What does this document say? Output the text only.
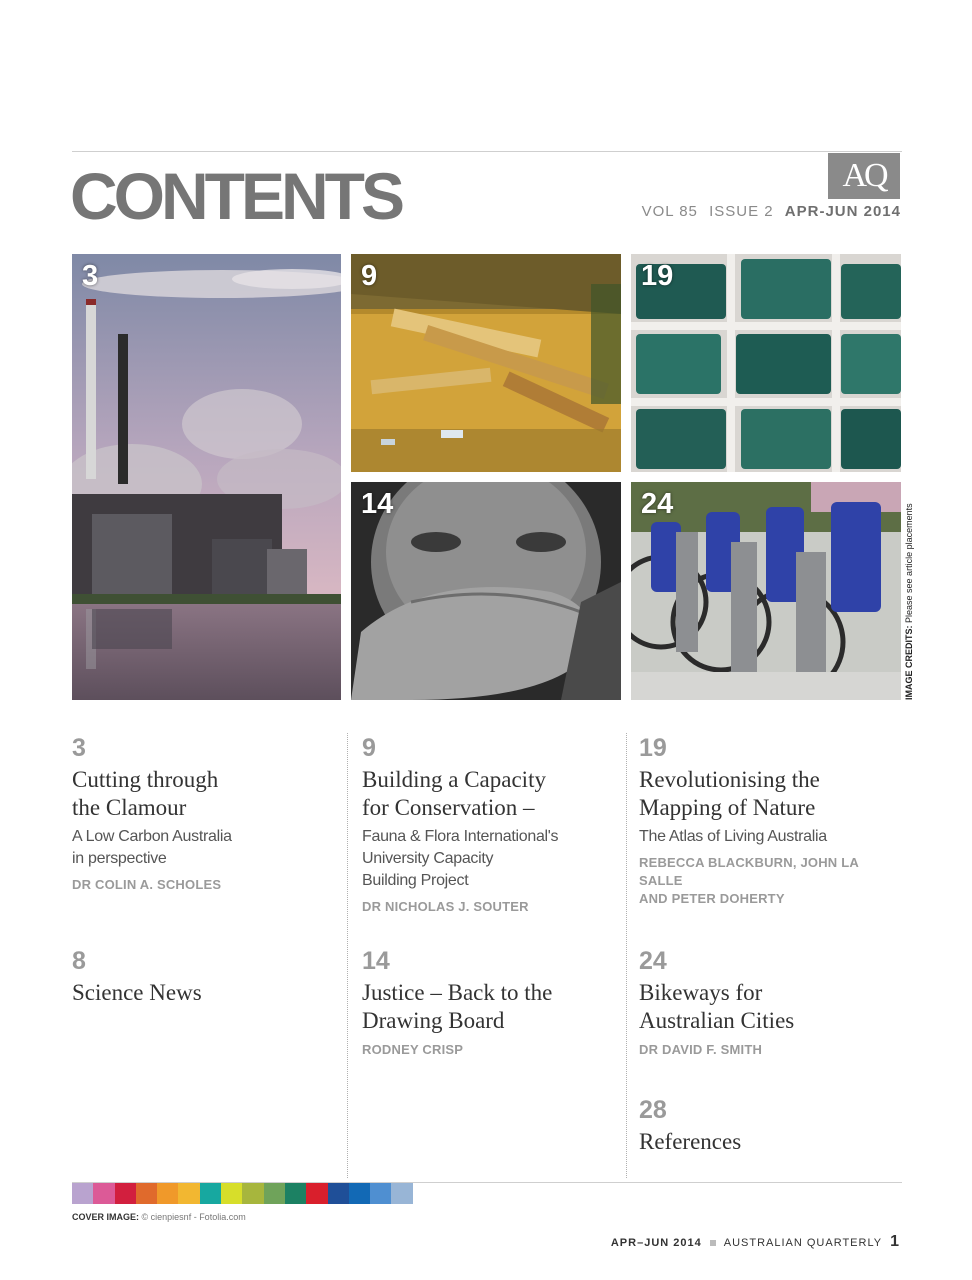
CONTENTS	AQ
VOL 85 ISSUE 2 APR-JUN 2014
3	9	19
14	24
IMAGE CREDITS: Please see article placements
3
Cutting through
the Clamour
A Low Carbon Australia
in perspective
DR COLIN A. SCHOLES
9
Building a Capacity
for Conservation –
Fauna & Flora International's
University Capacity
Building Project
DR NICHOLAS J. SOUTER
19
Revolutionising the
Mapping of Nature
The Atlas of Living Australia
REBECCA BLACKBURN, JOHN LA SALLE
AND PETER DOHERTY
8
Science News
14
Justice – Back to the
Drawing Board
RODNEY CRISP
24
Bikeways for
Australian Cities
DR DAVID F. SMITH
28
References
COVER IMAGE: © cienpiesnf - Fotolia.com
APR–JUN 2014 AUSTRALIAN QUARTERLY 1
